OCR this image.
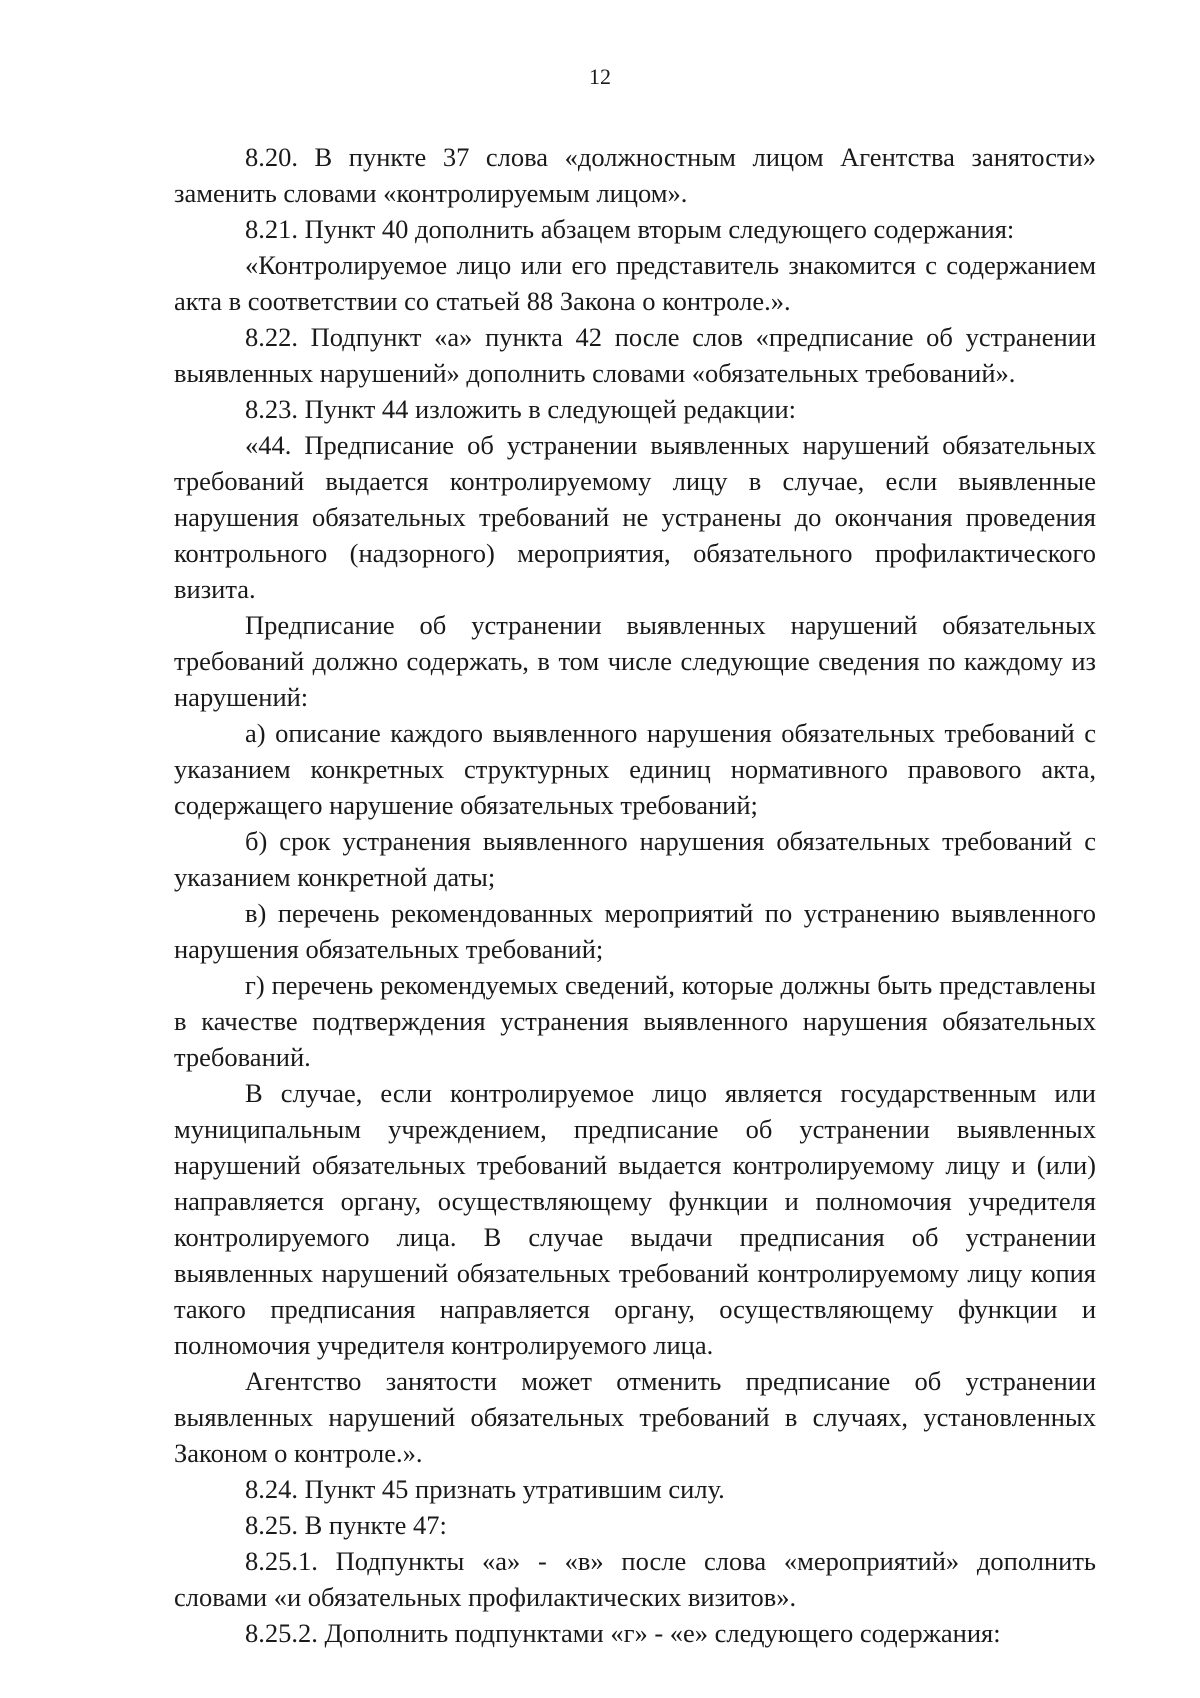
12

8.20. В пункте 37 слова «должностным лицом Агентства занятости» заменить словами «контролируемым лицом».

8.21. Пункт 40 дополнить абзацем вторым следующего содержания:

«Контролируемое лицо или его представитель знакомится с содержанием акта в соответствии со статьей 88 Закона о контроле.».

8.22. Подпункт «а» пункта 42 после слов «предписание об устранении выявленных нарушений» дополнить словами «обязательных требований».

8.23. Пункт 44 изложить в следующей редакции:

«44. Предписание об устранении выявленных нарушений обязательных требований выдается контролируемому лицу в случае, если выявленные нарушения обязательных требований не устранены до окончания проведения контрольного (надзорного) мероприятия, обязательного профилактического визита.

Предписание об устранении выявленных нарушений обязательных требований должно содержать, в том числе следующие сведения по каждому из нарушений:

а) описание каждого выявленного нарушения обязательных требований с указанием конкретных структурных единиц нормативного правового акта, содержащего нарушение обязательных требований;

б) срок устранения выявленного нарушения обязательных требований с указанием конкретной даты;

в) перечень рекомендованных мероприятий по устранению выявленного нарушения обязательных требований;

г) перечень рекомендуемых сведений, которые должны быть представлены в качестве подтверждения устранения выявленного нарушения обязательных требований.

В случае, если контролируемое лицо является государственным или муниципальным учреждением, предписание об устранении выявленных нарушений обязательных требований выдается контролируемому лицу и (или) направляется органу, осуществляющему функции и полномочия учредителя контролируемого лица. В случае выдачи предписания об устранении выявленных нарушений обязательных требований контролируемому лицу копия такого предписания направляется органу, осуществляющему функции и полномочия учредителя контролируемого лица.

Агентство занятости может отменить предписание об устранении выявленных нарушений обязательных требований в случаях, установленных Законом о контроле.».

8.24. Пункт 45 признать утратившим силу.

8.25. В пункте 47:

8.25.1. Подпункты «а» - «в» после слова «мероприятий» дополнить словами «и обязательных профилактических визитов».

8.25.2. Дополнить подпунктами «г» - «е» следующего содержания:
